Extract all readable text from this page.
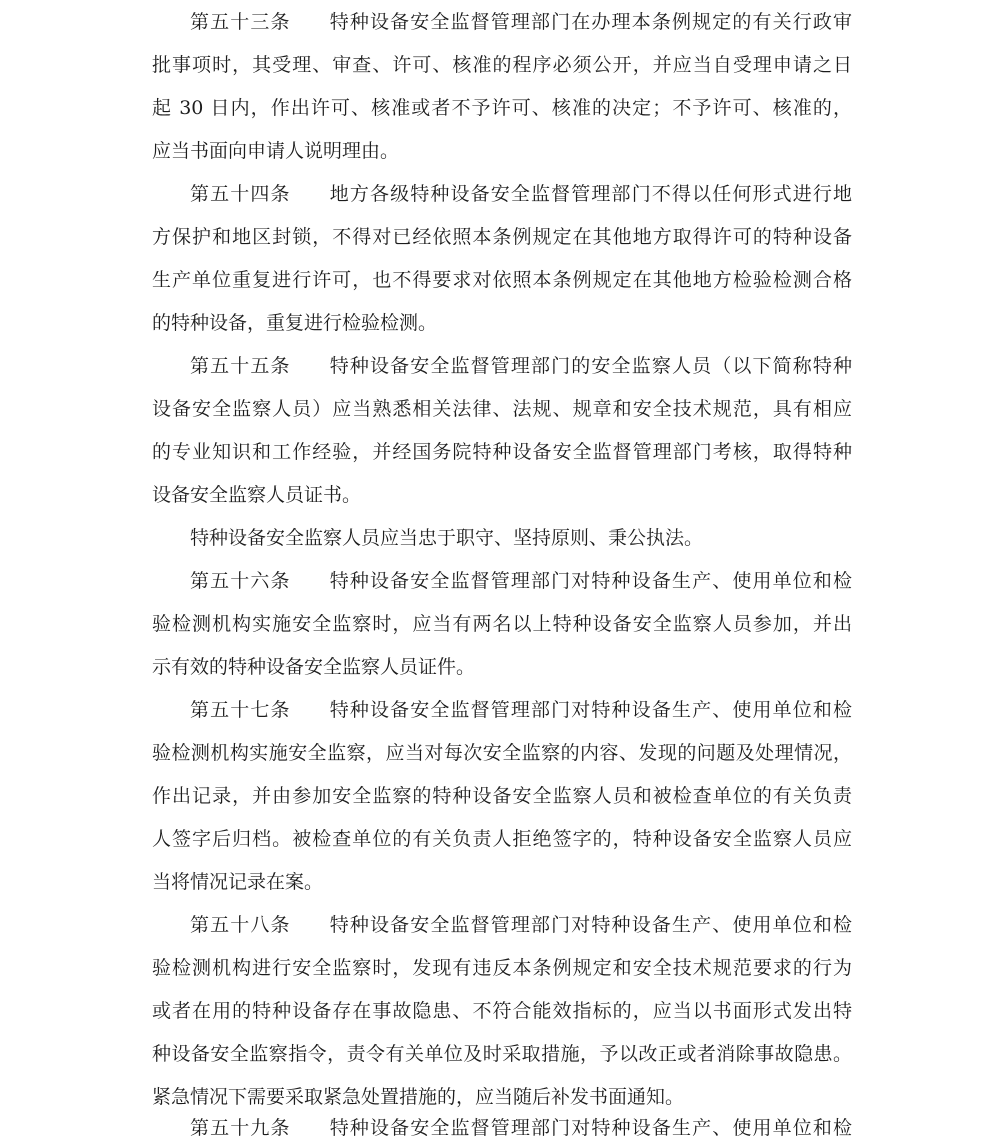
第五十三条 特种设备安全监督管理部门在办理本条例规定的有关行政审
批事项时，其受理、审查、许可、核准的程序必须公开，并应当自受理申请之日
起 30 日内，作出许可、核准或者不予许可、核准的决定；不予许可、核准的，
应当书面向申请人说明理由。
第五十四条 地方各级特种设备安全监督管理部门不得以任何形式进行地
方保护和地区封锁，不得对已经依照本条例规定在其他地方取得许可的特种设备
生产单位重复进行许可，也不得要求对依照本条例规定在其他地方检验检测合格
的特种设备，重复进行检验检测。
第五十五条 特种设备安全监督管理部门的安全监察人员（以下简称特种
设备安全监察人员）应当熟悉相关法律、法规、规章和安全技术规范，具有相应
的专业知识和工作经验，并经国务院特种设备安全监督管理部门考核，取得特种
设备安全监察人员证书。
特种设备安全监察人员应当忠于职守、坚持原则、秉公执法。
第五十六条 特种设备安全监督管理部门对特种设备生产、使用单位和检
验检测机构实施安全监察时，应当有两名以上特种设备安全监察人员参加，并出
示有效的特种设备安全监察人员证件。
第五十七条 特种设备安全监督管理部门对特种设备生产、使用单位和检
验检测机构实施安全监察，应当对每次安全监察的内容、发现的问题及处理情况，
作出记录，并由参加安全监察的特种设备安全监察人员和被检查单位的有关负责
人签字后归档。被检查单位的有关负责人拒绝签字的，特种设备安全监察人员应
当将情况记录在案。
第五十八条 特种设备安全监督管理部门对特种设备生产、使用单位和检
验检测机构进行安全监察时，发现有违反本条例规定和安全技术规范要求的行为
或者在用的特种设备存在事故隐患、不符合能效指标的，应当以书面形式发出特
种设备安全监察指令，责令有关单位及时采取措施，予以改正或者消除事故隐患。
紧急情况下需要采取紧急处置措施的，应当随后补发书面通知。
第五十九条 特种设备安全监督管理部门对特种设备生产、使用单位和检
